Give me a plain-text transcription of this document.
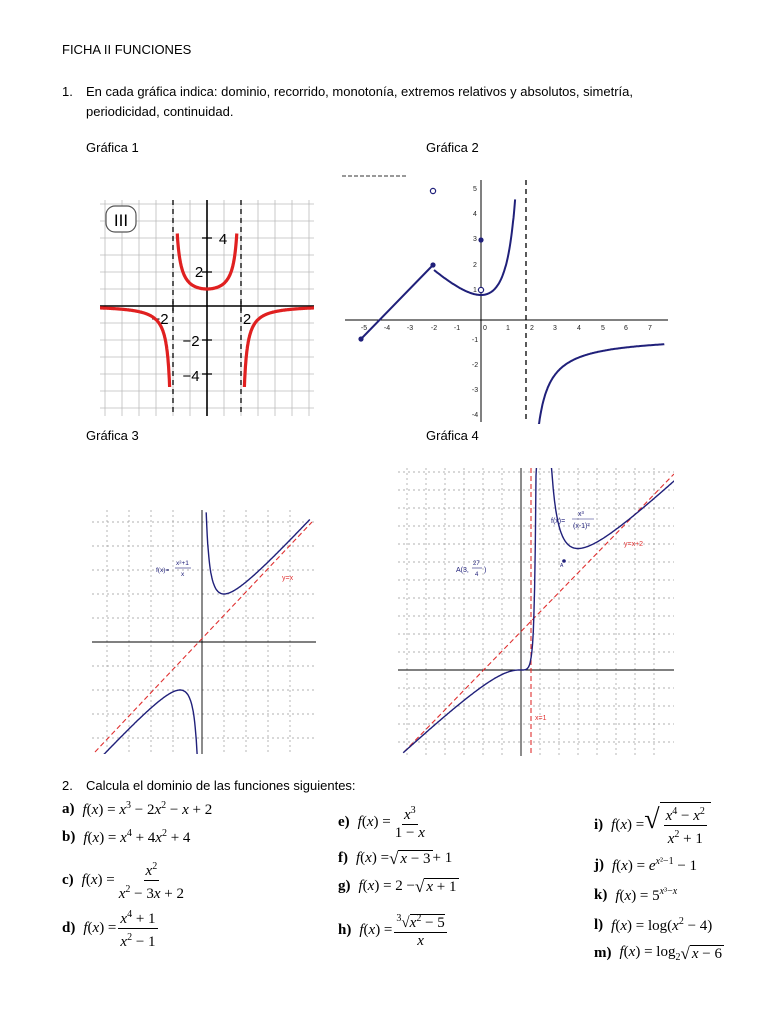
FICHA II FUNCIONES
1. En cada gráfica indica: dominio, recorrido, monotonía, extremos relativos y absolutos, simetría, periodicidad, continuidad.
Gráfica 1	Gráfica 2
Gráfica 3	Gráfica 4
III
4
2
−2	2
−2
−4
-5 -4 -3	-2 -1	0	1	2	3	4	5	6	7
5
4
3
2
1
-1
-2
-3
-4
f(x)=
x²+1
x
y=x
A
f(x)=
x³
(x-1)²
A(3,
27
4
)
y=x+2
x=1
2. Calcula el dominio de las funciones siguientes:
a) $f(x) = x^3 - 2x^2 - x + 2$
b) $f(x) = x^4 + 4x^2 + 4$
c) $f(x) = \frac{x^2}{x^2 - 3x + 2}$
d) $f(x) = \frac{x^4 + 1}{x^2 - 1}$
e) $f(x) = \frac{x^3}{1 - x}$
f) f(x) = √ x − 3 + 1
g) f(x) = 2 − √ x + 1
h) $f(x) = \frac{^3√x^2 - 5}{x}$
i) f(x) = √ $\frac{x^4 - x^2}{x^2 + 1}$
j) $f(x) = e^{x^2-1} - 1$
k) $f(x) = 5^{x^3-x}$
l) $f(x) = \log(x^2 - 4)$
m) $f(x) = \log_2$ √ x − 6
